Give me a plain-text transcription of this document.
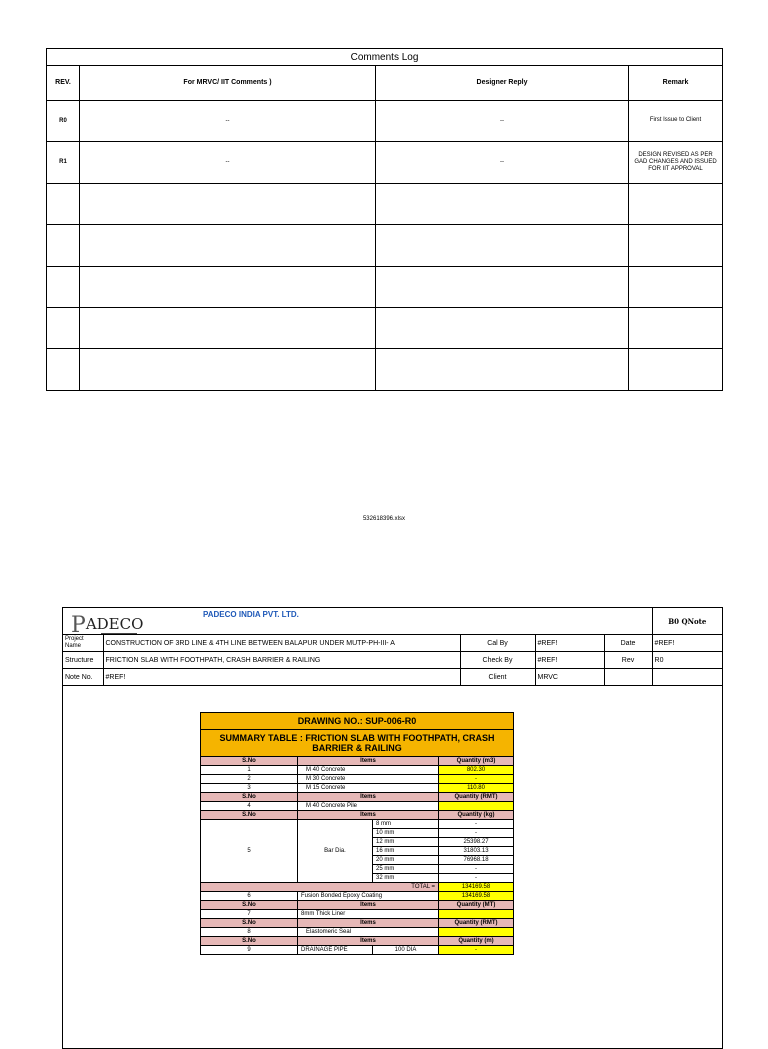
Comments Log			
REV.	For MRVC/ IIT Comments )	Designer Reply	Remark
R0	--	--	First Issue to Client
R1	--	--	DESIGN REVISED AS PER GAD CHANGES AND ISSUED FOR IIT APPROVAL

532618396.xlsx
PADECO
PADECO INDIA PVT. LTD.					B0 QNote
Project Name	CONSTRUCTION OF 3RD LINE & 4TH LINE BETWEEN BALAPUR UNDER MUTP-PH-III- A	Cal By	#REF!	Date	#REF!
Structure	FRICTION SLAB WITH FOOTHPATH, CRASH BARRIER & RAILING	Check By	#REF!	Rev	R0
Note No.	#REF!	Client	MRVC		
DRAWING NO.: SUP-006-R0			
SUMMARY TABLE : FRICTION SLAB WITH FOOTHPATH, CRASH BARRIER & RAILING			
S.No	Items		Quantity (m3)
1	M 40 Concrete		802.30
2	M 30 Concrete		-
3	M 15 Concrete		110.80
S.No	Items		Quantity (RMT)
4	M 40 Concrete Pile		
S.No	Items		Quantity (kg)
5	Bar Dia.	8 mm	-
		10 mm	-
		12 mm	25398.27
		16 mm	31803.13
		20 mm	76968.18
		25 mm	-
		32 mm	-
TOTAL =			134169.58
6	Fusion Bonded Epoxy Coating		134169.58
S.No	Items		Quantity (MT)
7	8mm Thick Liner		
S.No	Items		Quantity (RMT)
8	Elastomeric Seal		
S.No	Items		Quantity (m)
9	DRAINAGE PIPE	100 DIA	-
